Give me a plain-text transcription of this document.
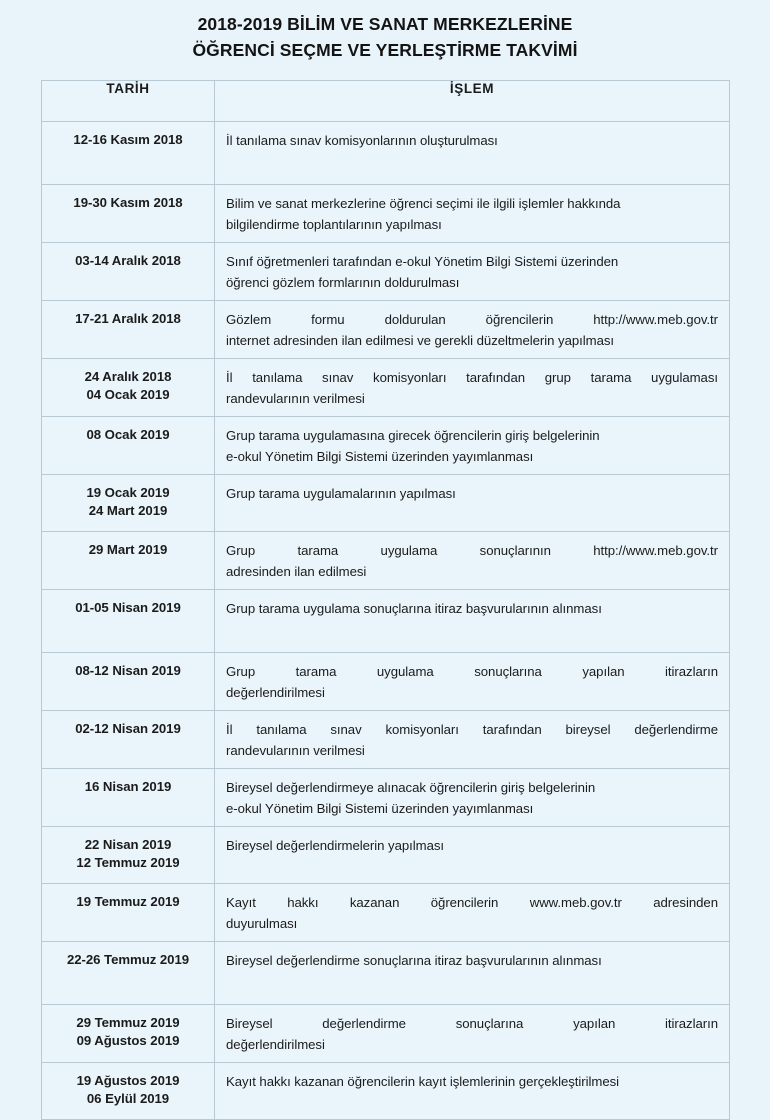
2018-2019 BİLİM VE SANAT MERKEZLERİNE
ÖĞRENCİ SEÇME VE YERLEŞTİRME TAKVİMİ
TARİH	İŞLEM

12-16 Kasım 2018	İl tanılama sınav komisyonlarının oluşturulması

19-30 Kasım 2018	Bilim ve sanat merkezlerine öğrenci seçimi ile ilgili işlemler hakkında
bilgilendirme toplantılarının yapılması

03-14 Aralık 2018	Sınıf öğretmenleri tarafından e-okul Yönetim Bilgi Sistemi üzerinden
öğrenci gözlem formlarının doldurulması

17-21 Aralık 2018	Gözlem formu doldurulan öğrencilerin http://www.meb.gov.tr
internet adresinden ilan edilmesi ve gerekli düzeltmelerin yapılması

24 Aralık 2018
04 Ocak 2019	İl tanılama sınav komisyonları tarafından grup tarama uygulaması
randevularının verilmesi

08 Ocak 2019	Grup tarama uygulamasına girecek öğrencilerin giriş belgelerinin
e-okul Yönetim Bilgi Sistemi üzerinden yayımlanması

19 Ocak 2019
24 Mart 2019	Grup tarama uygulamalarının yapılması

29 Mart 2019	Grup tarama uygulama sonuçlarının http://www.meb.gov.tr
adresinden ilan edilmesi

01-05 Nisan 2019	Grup tarama uygulama sonuçlarına itiraz başvurularının alınması

08-12 Nisan 2019	Grup tarama uygulama sonuçlarına yapılan itirazların
değerlendirilmesi

02-12 Nisan 2019	İl tanılama sınav komisyonları tarafından bireysel değerlendirme
randevularının verilmesi

16 Nisan 2019	Bireysel değerlendirmeye alınacak öğrencilerin giriş belgelerinin
e-okul Yönetim Bilgi Sistemi üzerinden yayımlanması

22 Nisan 2019
12 Temmuz 2019	Bireysel değerlendirmelerin yapılması

19 Temmuz 2019	Kayıt hakkı kazanan öğrencilerin www.meb.gov.tr adresinden
duyurulması

22-26 Temmuz 2019	Bireysel değerlendirme sonuçlarına itiraz başvurularının alınması

29 Temmuz 2019
09 Ağustos 2019	Bireysel değerlendirme sonuçlarına yapılan itirazların
değerlendirilmesi

19 Ağustos 2019
06 Eylül 2019	Kayıt hakkı kazanan öğrencilerin kayıt işlemlerinin gerçekleştirilmesi
